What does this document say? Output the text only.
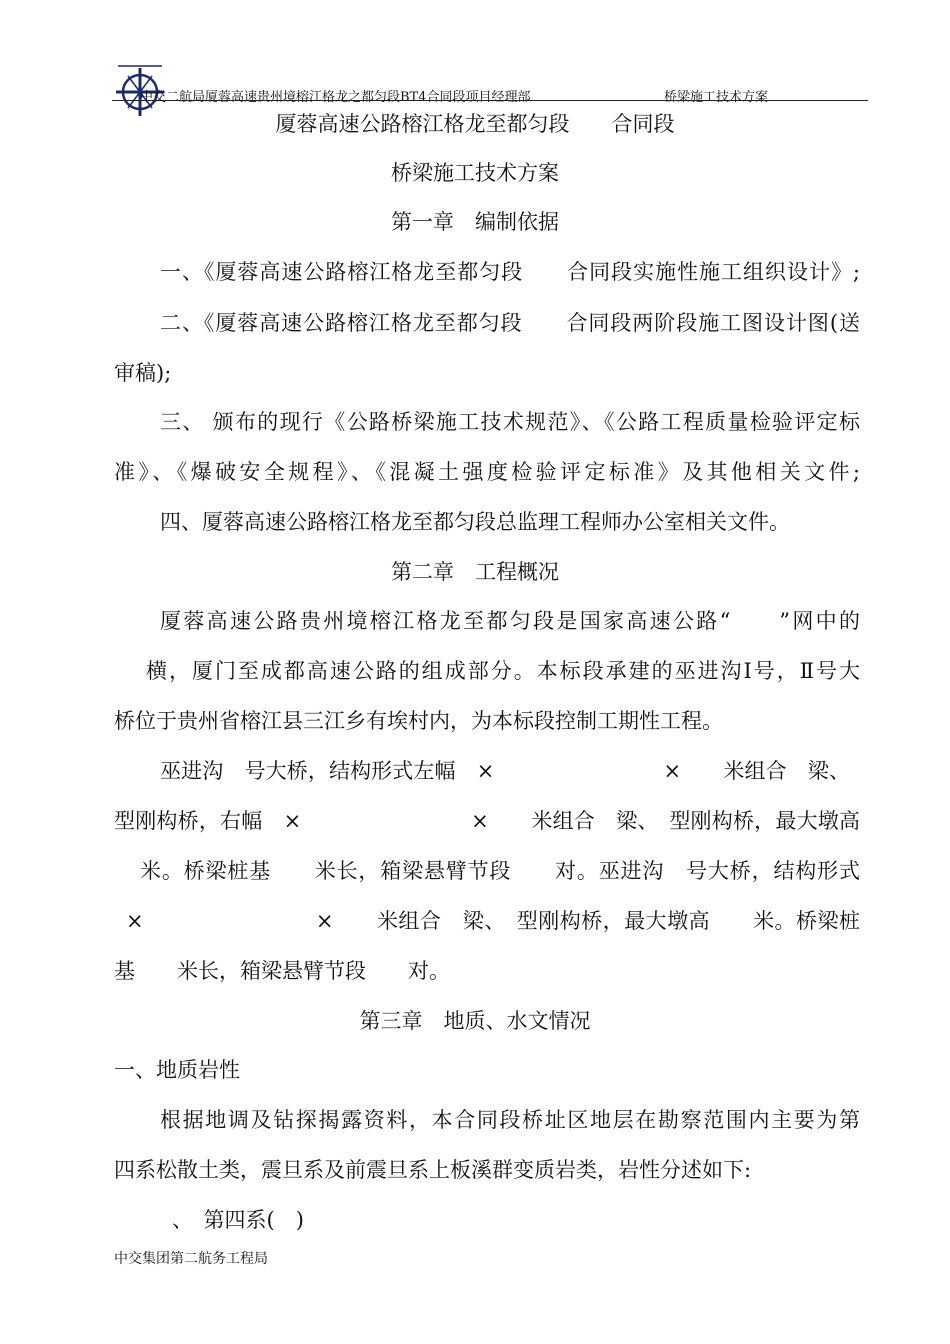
中交二航局厦蓉高速贵州境榕江格龙之都匀段BT4合同段项目经理部	桥梁施工技术方案
厦蓉高速公路榕江格龙至都匀段　　合同段
桥梁施工技术方案
第一章　编制依据
一、《厦蓉高速公路榕江格龙至都匀段　　合同段实施性施工组织设计》;
二、《厦蓉高速公路榕江格龙至都匀段　　合同段两阶段施工图设计图(送
审稿);
三、 颁布的现行《公路桥梁施工技术规范》、《公路工程质量检验评定标
准》、《爆破安全规程》、《混凝土强度检验评定标准》及其他相关文件;
四、厦蓉高速公路榕江格龙至都匀段总监理工程师办公室相关文件。
第二章　工程概况
厦蓉高速公路贵州境榕江格龙至都匀段是国家高速公路“　　”网中的
横，厦门至成都高速公路的组成部分。本标段承建的巫进沟Ⅰ号，Ⅱ号大
桥位于贵州省榕江县三江乡有埃村内，为本标段控制工期性工程。
巫进沟　号大桥，结构形式左幅　×　　　　　　　　×　　米组合　梁、
型刚构桥，右幅　×　　　　　　　　×　　米组合　梁、　型刚构桥，最大墩高
米。桥梁桩基　　米长，箱梁悬臂节段　　对。巫进沟　号大桥，结构形式
×　　　　　　　　×　　米组合　梁、　型刚构桥，最大墩高　　米。桥梁桩
基　　米长，箱梁悬臂节段　　对。
第三章　地质、水文情况
一、地质岩性
根据地调及钻探揭露资料，本合同段桥址区地层在勘察范围内主要为第
四系松散土类，震旦系及前震旦系上板溪群变质岩类，岩性分述如下:
、　第四系(　)
中交集团第二航务工程局
